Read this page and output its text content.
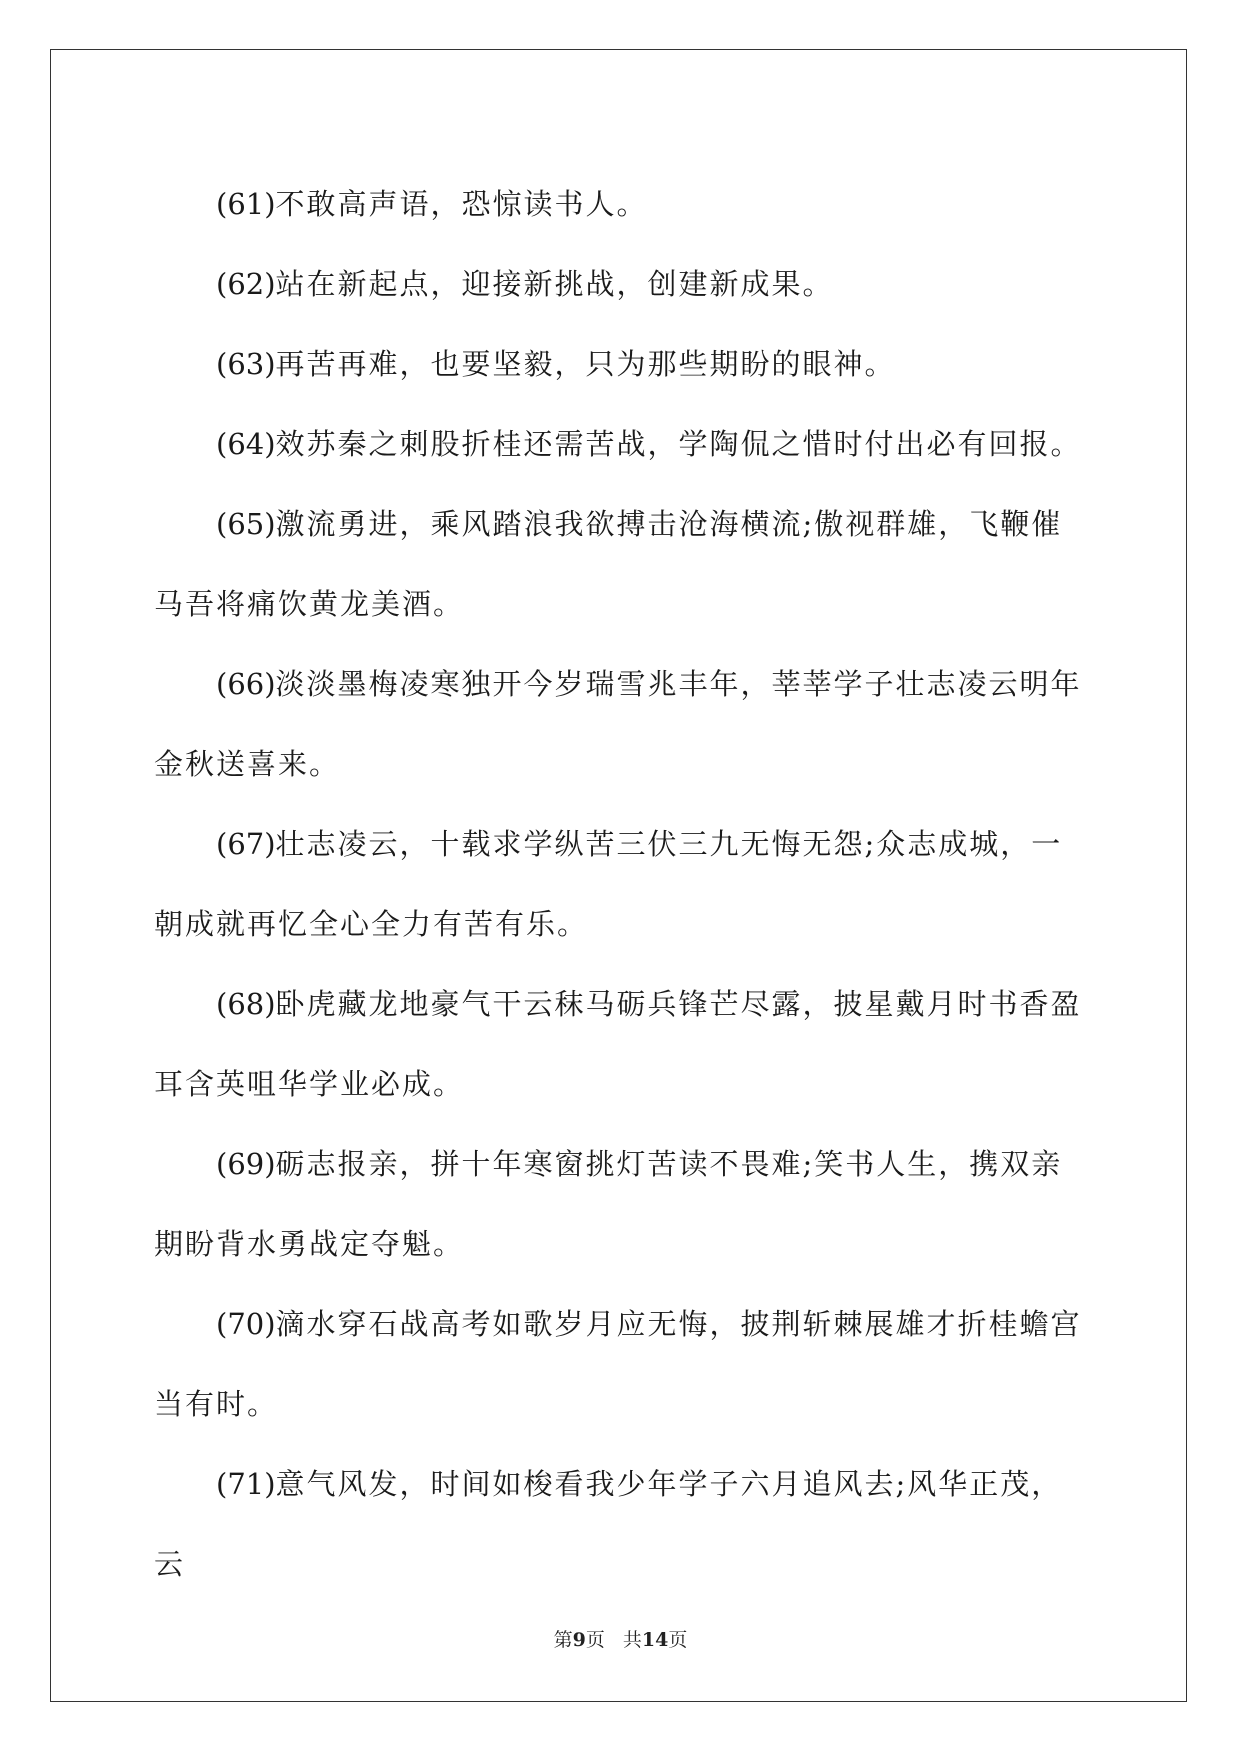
(61)不敢高声语，恐惊读书人。

(62)站在新起点，迎接新挑战，创建新成果。

(63)再苦再难，也要坚毅，只为那些期盼的眼神。

(64)效苏秦之刺股折桂还需苦战，学陶侃之惜时付出必有回报。

(65)激流勇进，乘风踏浪我欲搏击沧海横流;傲视群雄，飞鞭催马吾将痛饮黄龙美酒。

(66)淡淡墨梅凌寒独开今岁瑞雪兆丰年，莘莘学子壮志凌云明年金秋送喜来。

(67)壮志凌云，十载求学纵苦三伏三九无悔无怨;众志成城，一朝成就再忆全心全力有苦有乐。

(68)卧虎藏龙地豪气干云秣马砺兵锋芒尽露，披星戴月时书香盈耳含英咀华学业必成。

(69)砺志报亲，拼十年寒窗挑灯苦读不畏难;笑书人生，携双亲期盼背水勇战定夺魁。

(70)滴水穿石战高考如歌岁月应无悔，披荆斩棘展雄才折桂蟾宫当有时。

(71)意气风发，时间如梭看我少年学子六月追风去;风华正茂，云

第9页 共14页
